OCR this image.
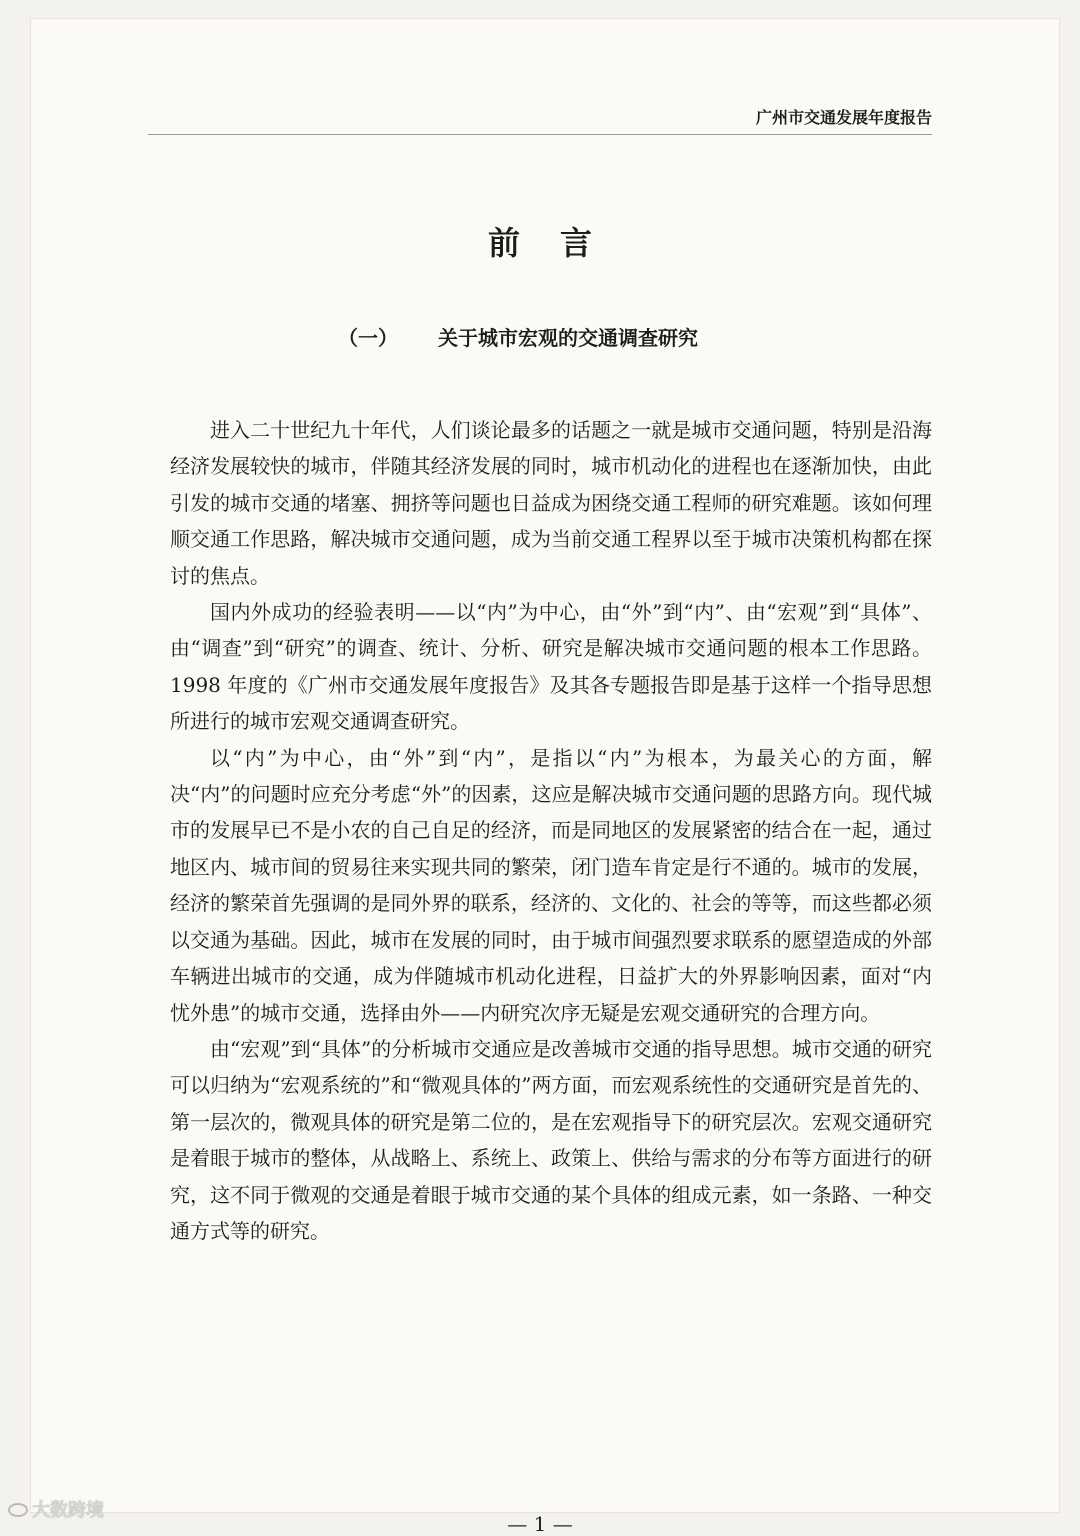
广州市交通发展年度报告
前言
（一） 关于城市宏观的交通调查研究

进入二十世纪九十年代，人们谈论最多的话题之一就是城市交通问题，特别是沿海经济发展较快的城市，伴随其经济发展的同时，城市机动化的进程也在逐渐加快，由此引发的城市交通的堵塞、拥挤等问题也日益成为困绕交通工程师的研究难题。该如何理顺交通工作思路，解决城市交通问题，成为当前交通工程界以至于城市决策机构都在探讨的焦点。

国内外成功的经验表明——以“内”为中心，由“外”到“内”、由“宏观”到“具体”、由“调查”到“研究”的调查、统计、分析、研究是解决城市交通问题的根本工作思路。1998 年度的《广州市交通发展年度报告》及其各专题报告即是基于这样一个指导思想所进行的城市宏观交通调查研究。

以“内”为中心，由“外”到“内”，是指以“内”为根本，为最关心的方面，解决“内”的问题时应充分考虑“外”的因素，这应是解决城市交通问题的思路方向。现代城市的发展早已不是小农的自己自足的经济，而是同地区的发展紧密的结合在一起，通过地区内、城市间的贸易往来实现共同的繁荣，闭门造车肯定是行不通的。城市的发展，经济的繁荣首先强调的是同外界的联系，经济的、文化的、社会的等等，而这些都必须以交通为基础。因此，城市在发展的同时，由于城市间强烈要求联系的愿望造成的外部车辆进出城市的交通，成为伴随城市机动化进程，日益扩大的外界影响因素，面对“内忧外患”的城市交通，选择由外——内研究次序无疑是宏观交通研究的合理方向。

由“宏观”到“具体”的分析城市交通应是改善城市交通的指导思想。城市交通的研究可以归纳为“宏观系统的”和“微观具体的”两方面，而宏观系统性的交通研究是首先的、第一层次的，微观具体的研究是第二位的，是在宏观指导下的研究层次。宏观交通研究是着眼于城市的整体，从战略上、系统上、政策上、供给与需求的分布等方面进行的研究，这不同于微观的交通是着眼于城市交通的某个具体的组成元素，如一条路、一种交通方式等的研究。

— 1 —
大数跨境
